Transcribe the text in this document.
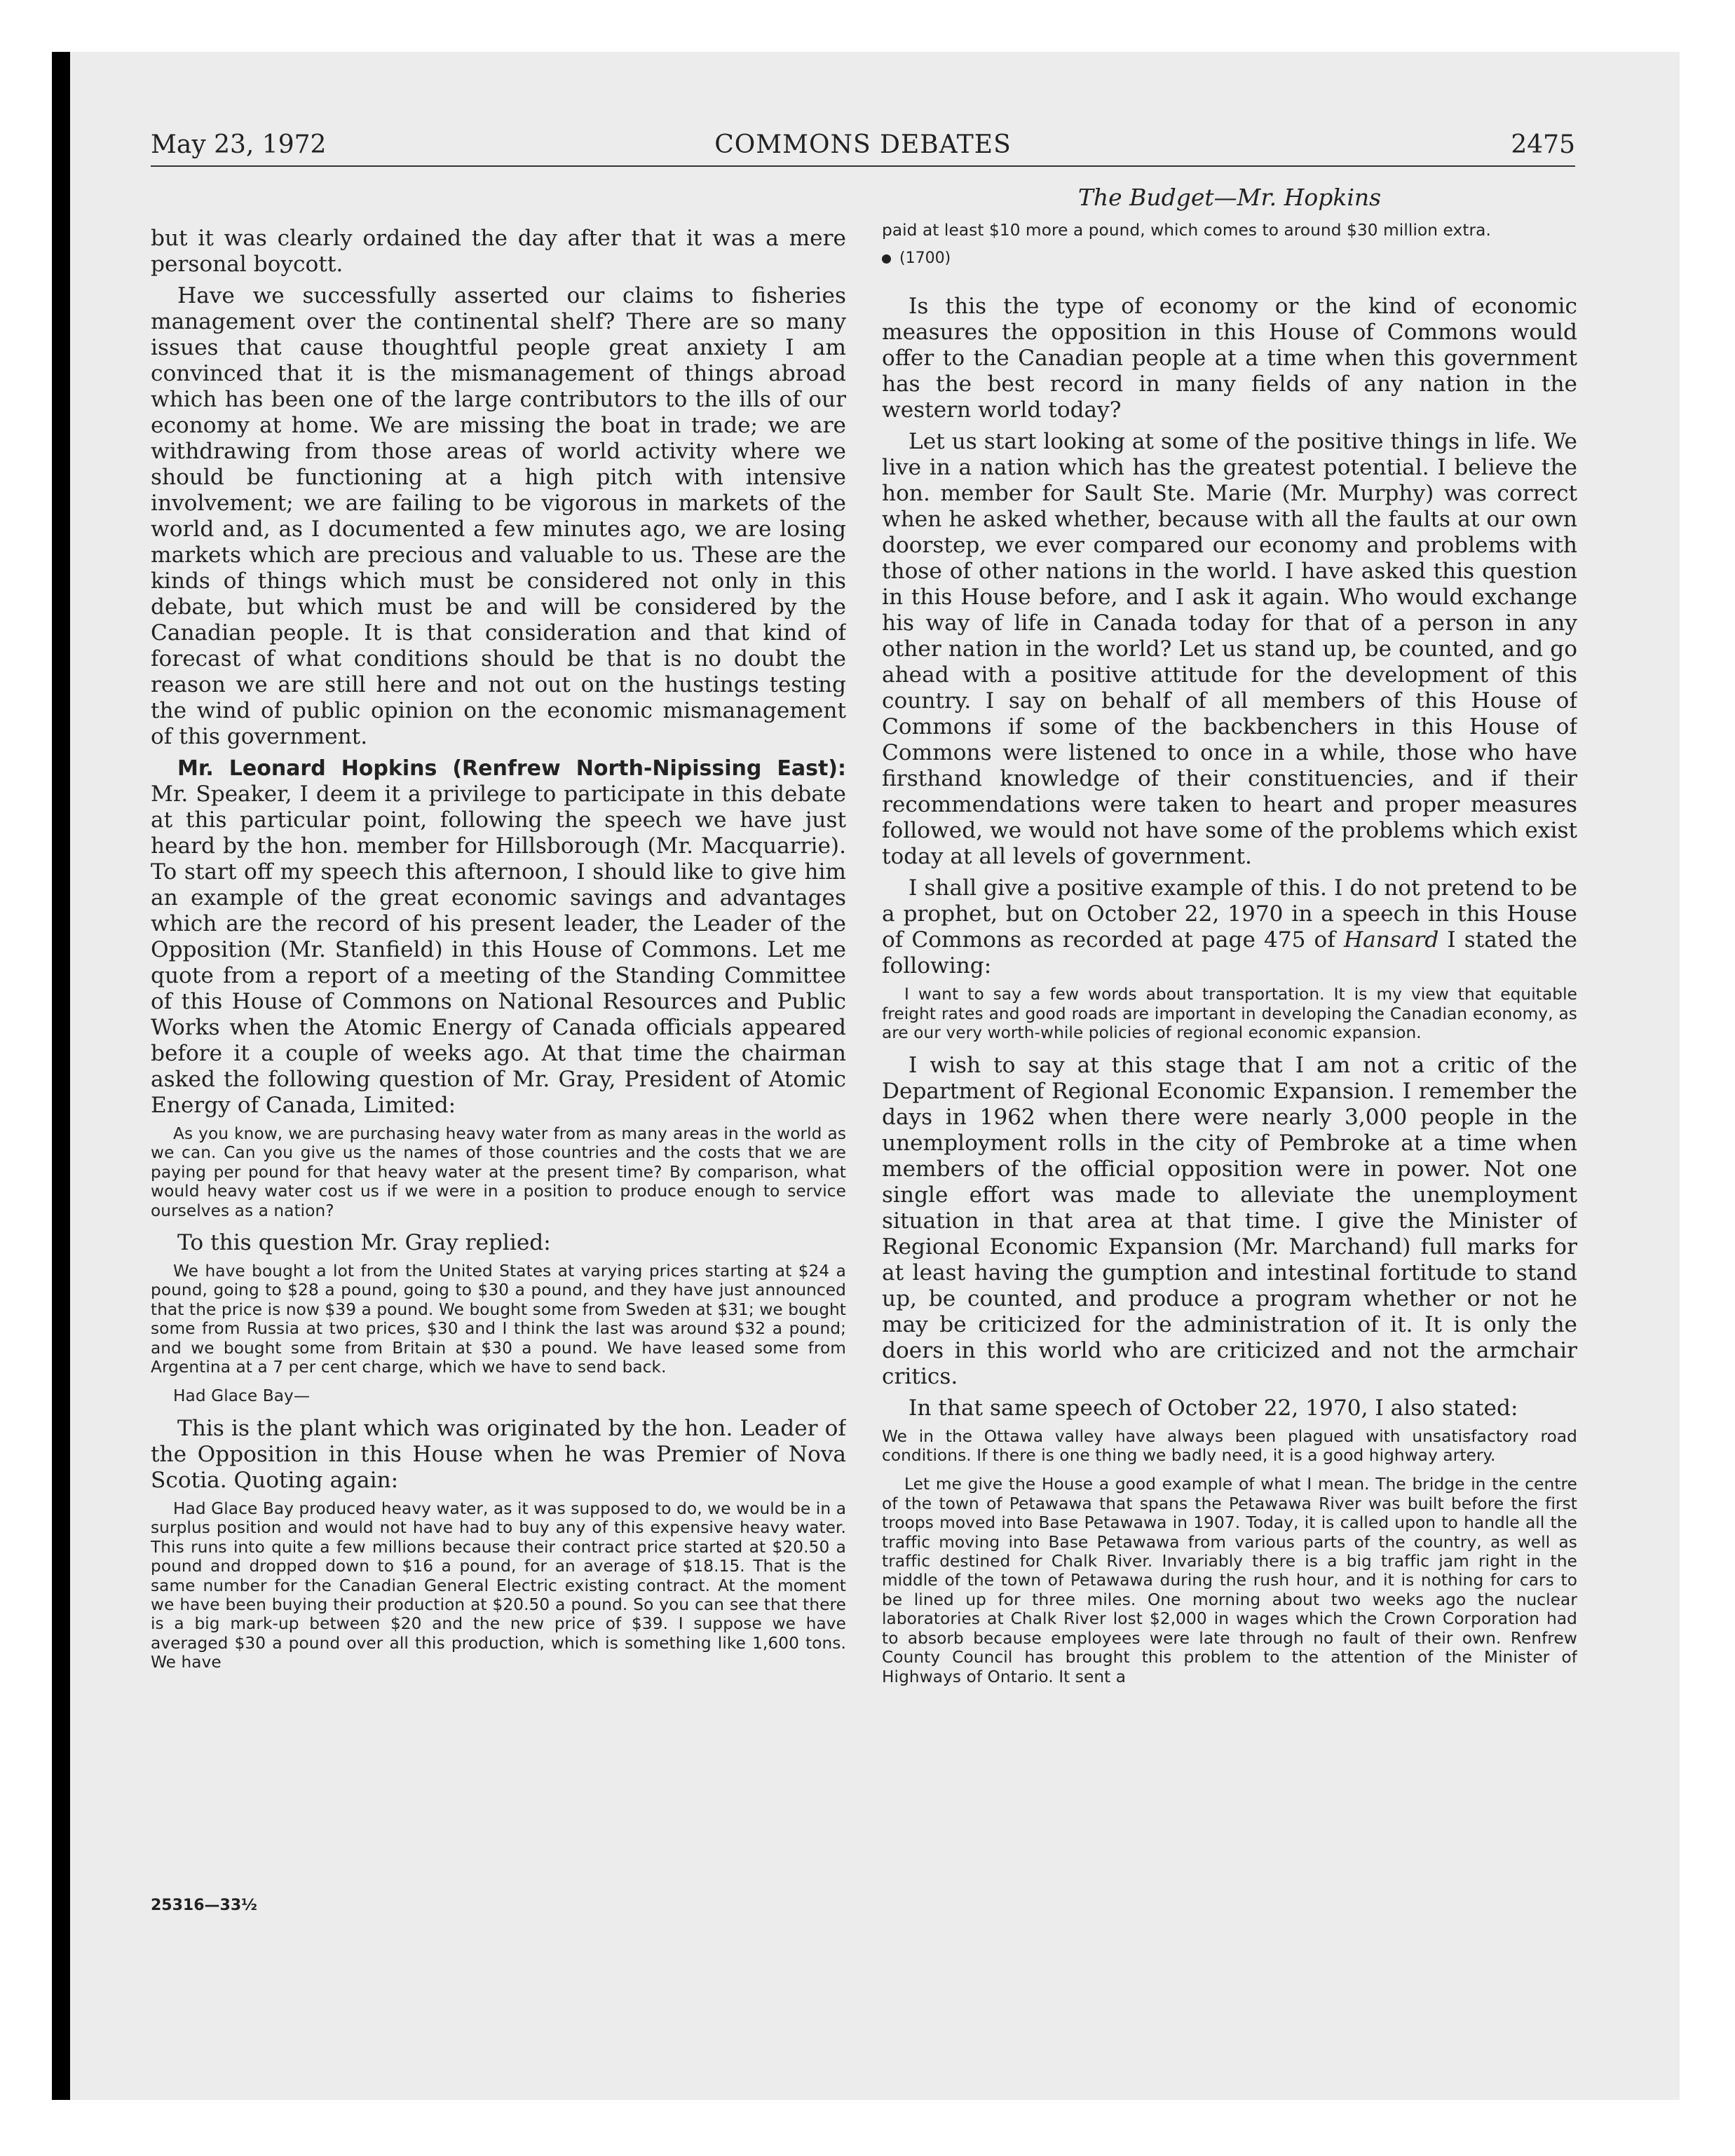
May 23, 1972	COMMONS DEBATES	2475

but it was clearly ordained the day after that it was a mere personal boycott.

Have we successfully asserted our claims to fisheries management over the continental shelf? There are so many issues that cause thoughtful people great anxiety I am convinced that it is the mismanagement of things abroad which has been one of the large contributors to the ills of our economy at home. We are missing the boat in trade; we are withdrawing from those areas of world activity where we should be functioning at a high pitch with intensive involvement; we are failing to be vigorous in markets of the world and, as I documented a few minutes ago, we are losing markets which are precious and valuable to us. These are the kinds of things which must be considered not only in this debate, but which must be and will be considered by the Canadian people. It is that consideration and that kind of forecast of what conditions should be that is no doubt the reason we are still here and not out on the hustings testing the wind of public opinion on the economic mismanagement of this government.

Mr. Leonard Hopkins (Renfrew North-Nipissing East): Mr. Speaker, I deem it a privilege to participate in this debate at this particular point, following the speech we have just heard by the hon. member for Hillsborough (Mr. Macquarrie). To start off my speech this afternoon, I should like to give him an example of the great economic savings and advantages which are the record of his present leader, the Leader of the Opposition (Mr. Stanfield) in this House of Commons. Let me quote from a report of a meeting of the Standing Committee of this House of Commons on National Resources and Public Works when the Atomic Energy of Canada officials appeared before it a couple of weeks ago. At that time the chairman asked the following question of Mr. Gray, President of Atomic Energy of Canada, Limited:

As you know, we are purchasing heavy water from as many areas in the world as we can. Can you give us the names of those countries and the costs that we are paying per pound for that heavy water at the present time? By comparison, what would heavy water cost us if we were in a position to produce enough to service ourselves as a nation?

To this question Mr. Gray replied:

We have bought a lot from the United States at varying prices starting at $24 a pound, going to $28 a pound, going to $30 a pound, and they have just announced that the price is now $39 a pound. We bought some from Sweden at $31; we bought some from Russia at two prices, $30 and I think the last was around $32 a pound; and we bought some from Britain at $30 a pound. We have leased some from Argentina at a 7 per cent charge, which we have to send back.

Had Glace Bay—

This is the plant which was originated by the hon. Leader of the Opposition in this House when he was Premier of Nova Scotia. Quoting again:

Had Glace Bay produced heavy water, as it was supposed to do, we would be in a surplus position and would not have had to buy any of this expensive heavy water. This runs into quite a few millions because their contract price started at $20.50 a pound and dropped down to $16 a pound, for an average of $18.15. That is the same number for the Canadian General Electric existing contract. At the moment we have been buying their production at $20.50 a pound. So you can see that there is a big mark-up between $20 and the new price of $39. I suppose we have averaged $30 a pound over all this production, which is something like 1,600 tons. We have

25316—33½
The Budget—Mr. Hopkins

paid at least $10 more a pound, which comes to around $30 million extra.

(1700)

Is this the type of economy or the kind of economic measures the opposition in this House of Commons would offer to the Canadian people at a time when this government has the best record in many fields of any nation in the western world today?

Let us start looking at some of the positive things in life. We live in a nation which has the greatest potential. I believe the hon. member for Sault Ste. Marie (Mr. Murphy) was correct when he asked whether, because with all the faults at our own doorstep, we ever compared our economy and problems with those of other nations in the world. I have asked this question in this House before, and I ask it again. Who would exchange his way of life in Canada today for that of a person in any other nation in the world? Let us stand up, be counted, and go ahead with a positive attitude for the development of this country. I say on behalf of all members of this House of Commons if some of the backbenchers in this House of Commons were listened to once in a while, those who have firsthand knowledge of their constituencies, and if their recommendations were taken to heart and proper measures followed, we would not have some of the problems which exist today at all levels of government.

I shall give a positive example of this. I do not pretend to be a prophet, but on October 22, 1970 in a speech in this House of Commons as recorded at page 475 of Hansard I stated the following:

I want to say a few words about transportation. It is my view that equitable freight rates and good roads are important in developing the Canadian economy, as are our very worth-while policies of regional economic expansion.

I wish to say at this stage that I am not a critic of the Department of Regional Economic Expansion. I remember the days in 1962 when there were nearly 3,000 people in the unemployment rolls in the city of Pembroke at a time when members of the official opposition were in power. Not one single effort was made to alleviate the unemployment situation in that area at that time. I give the Minister of Regional Economic Expansion (Mr. Marchand) full marks for at least having the gumption and intestinal fortitude to stand up, be counted, and produce a program whether or not he may be criticized for the administration of it. It is only the doers in this world who are criticized and not the armchair critics.

In that same speech of October 22, 1970, I also stated:

We in the Ottawa valley have always been plagued with unsatisfactory road conditions. If there is one thing we badly need, it is a good highway artery.

Let me give the House a good example of what I mean. The bridge in the centre of the town of Petawawa that spans the Petawawa River was built before the first troops moved into Base Petawawa in 1907. Today, it is called upon to handle all the traffic moving into Base Petawawa from various parts of the country, as well as traffic destined for Chalk River. Invariably there is a big traffic jam right in the middle of the town of Petawawa during the rush hour, and it is nothing for cars to be lined up for three miles. One morning about two weeks ago the nuclear laboratories at Chalk River lost $2,000 in wages which the Crown Corporation had to absorb because employees were late through no fault of their own. Renfrew County Council has brought this problem to the attention of the Minister of Highways of Ontario. It sent a
